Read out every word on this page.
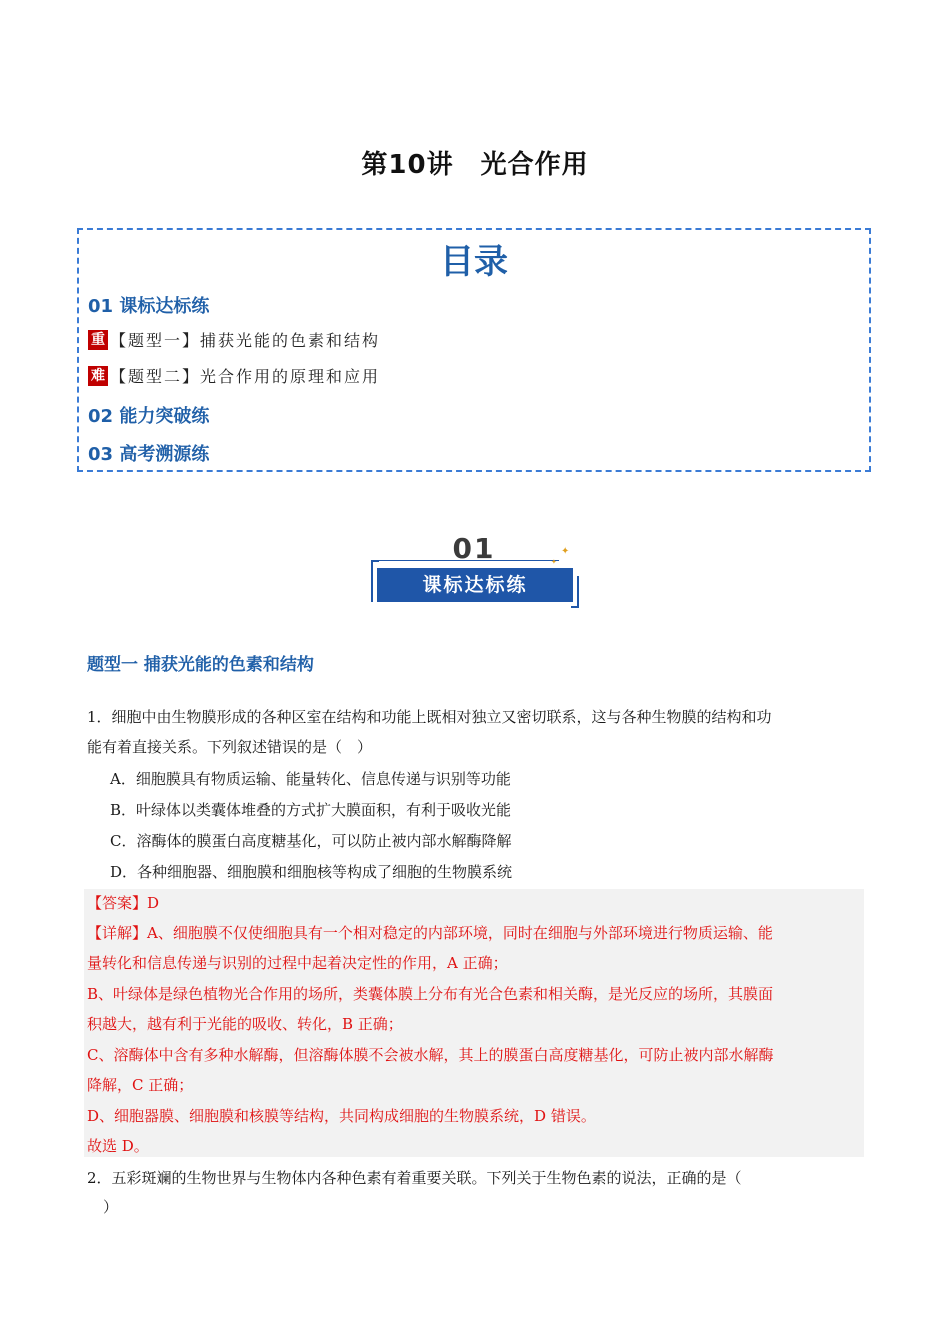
第10讲　光合作用
目录
01 课标达标练
重 【题型一】捕获光能的色素和结构
难 【题型二】光合作用的原理和应用
02 能力突破练
03 高考溯源练
01	✦
✦
课标达标练
题型一 捕获光能的色素和结构
1．细胞中由生物膜形成的各种区室在结构和功能上既相对独立又密切联系，这与各种生物膜的结构和功
能有着直接关系。下列叙述错误的是（　）
A．细胞膜具有物质运输、能量转化、信息传递与识别等功能
B．叶绿体以类囊体堆叠的方式扩大膜面积，有利于吸收光能
C．溶酶体的膜蛋白高度糖基化，可以防止被内部水解酶降解
D．各种细胞器、细胞膜和细胞核等构成了细胞的生物膜系统
【答案】D
【详解】A、细胞膜不仅使细胞具有一个相对稳定的内部环境，同时在细胞与外部环境进行物质运输、能
量转化和信息传递与识别的过程中起着决定性的作用，A 正确；
B、叶绿体是绿色植物光合作用的场所，类囊体膜上分布有光合色素和相关酶，是光反应的场所，其膜面
积越大，越有利于光能的吸收、转化，B 正确；
C、溶酶体中含有多种水解酶，但溶酶体膜不会被水解，其上的膜蛋白高度糖基化，可防止被内部水解酶
降解，C 正确；
D、细胞器膜、细胞膜和核膜等结构，共同构成细胞的生物膜系统，D 错误。
故选 D。
2．五彩斑斓的生物世界与生物体内各种色素有着重要关联。下列关于生物色素的说法，正确的是（
）
